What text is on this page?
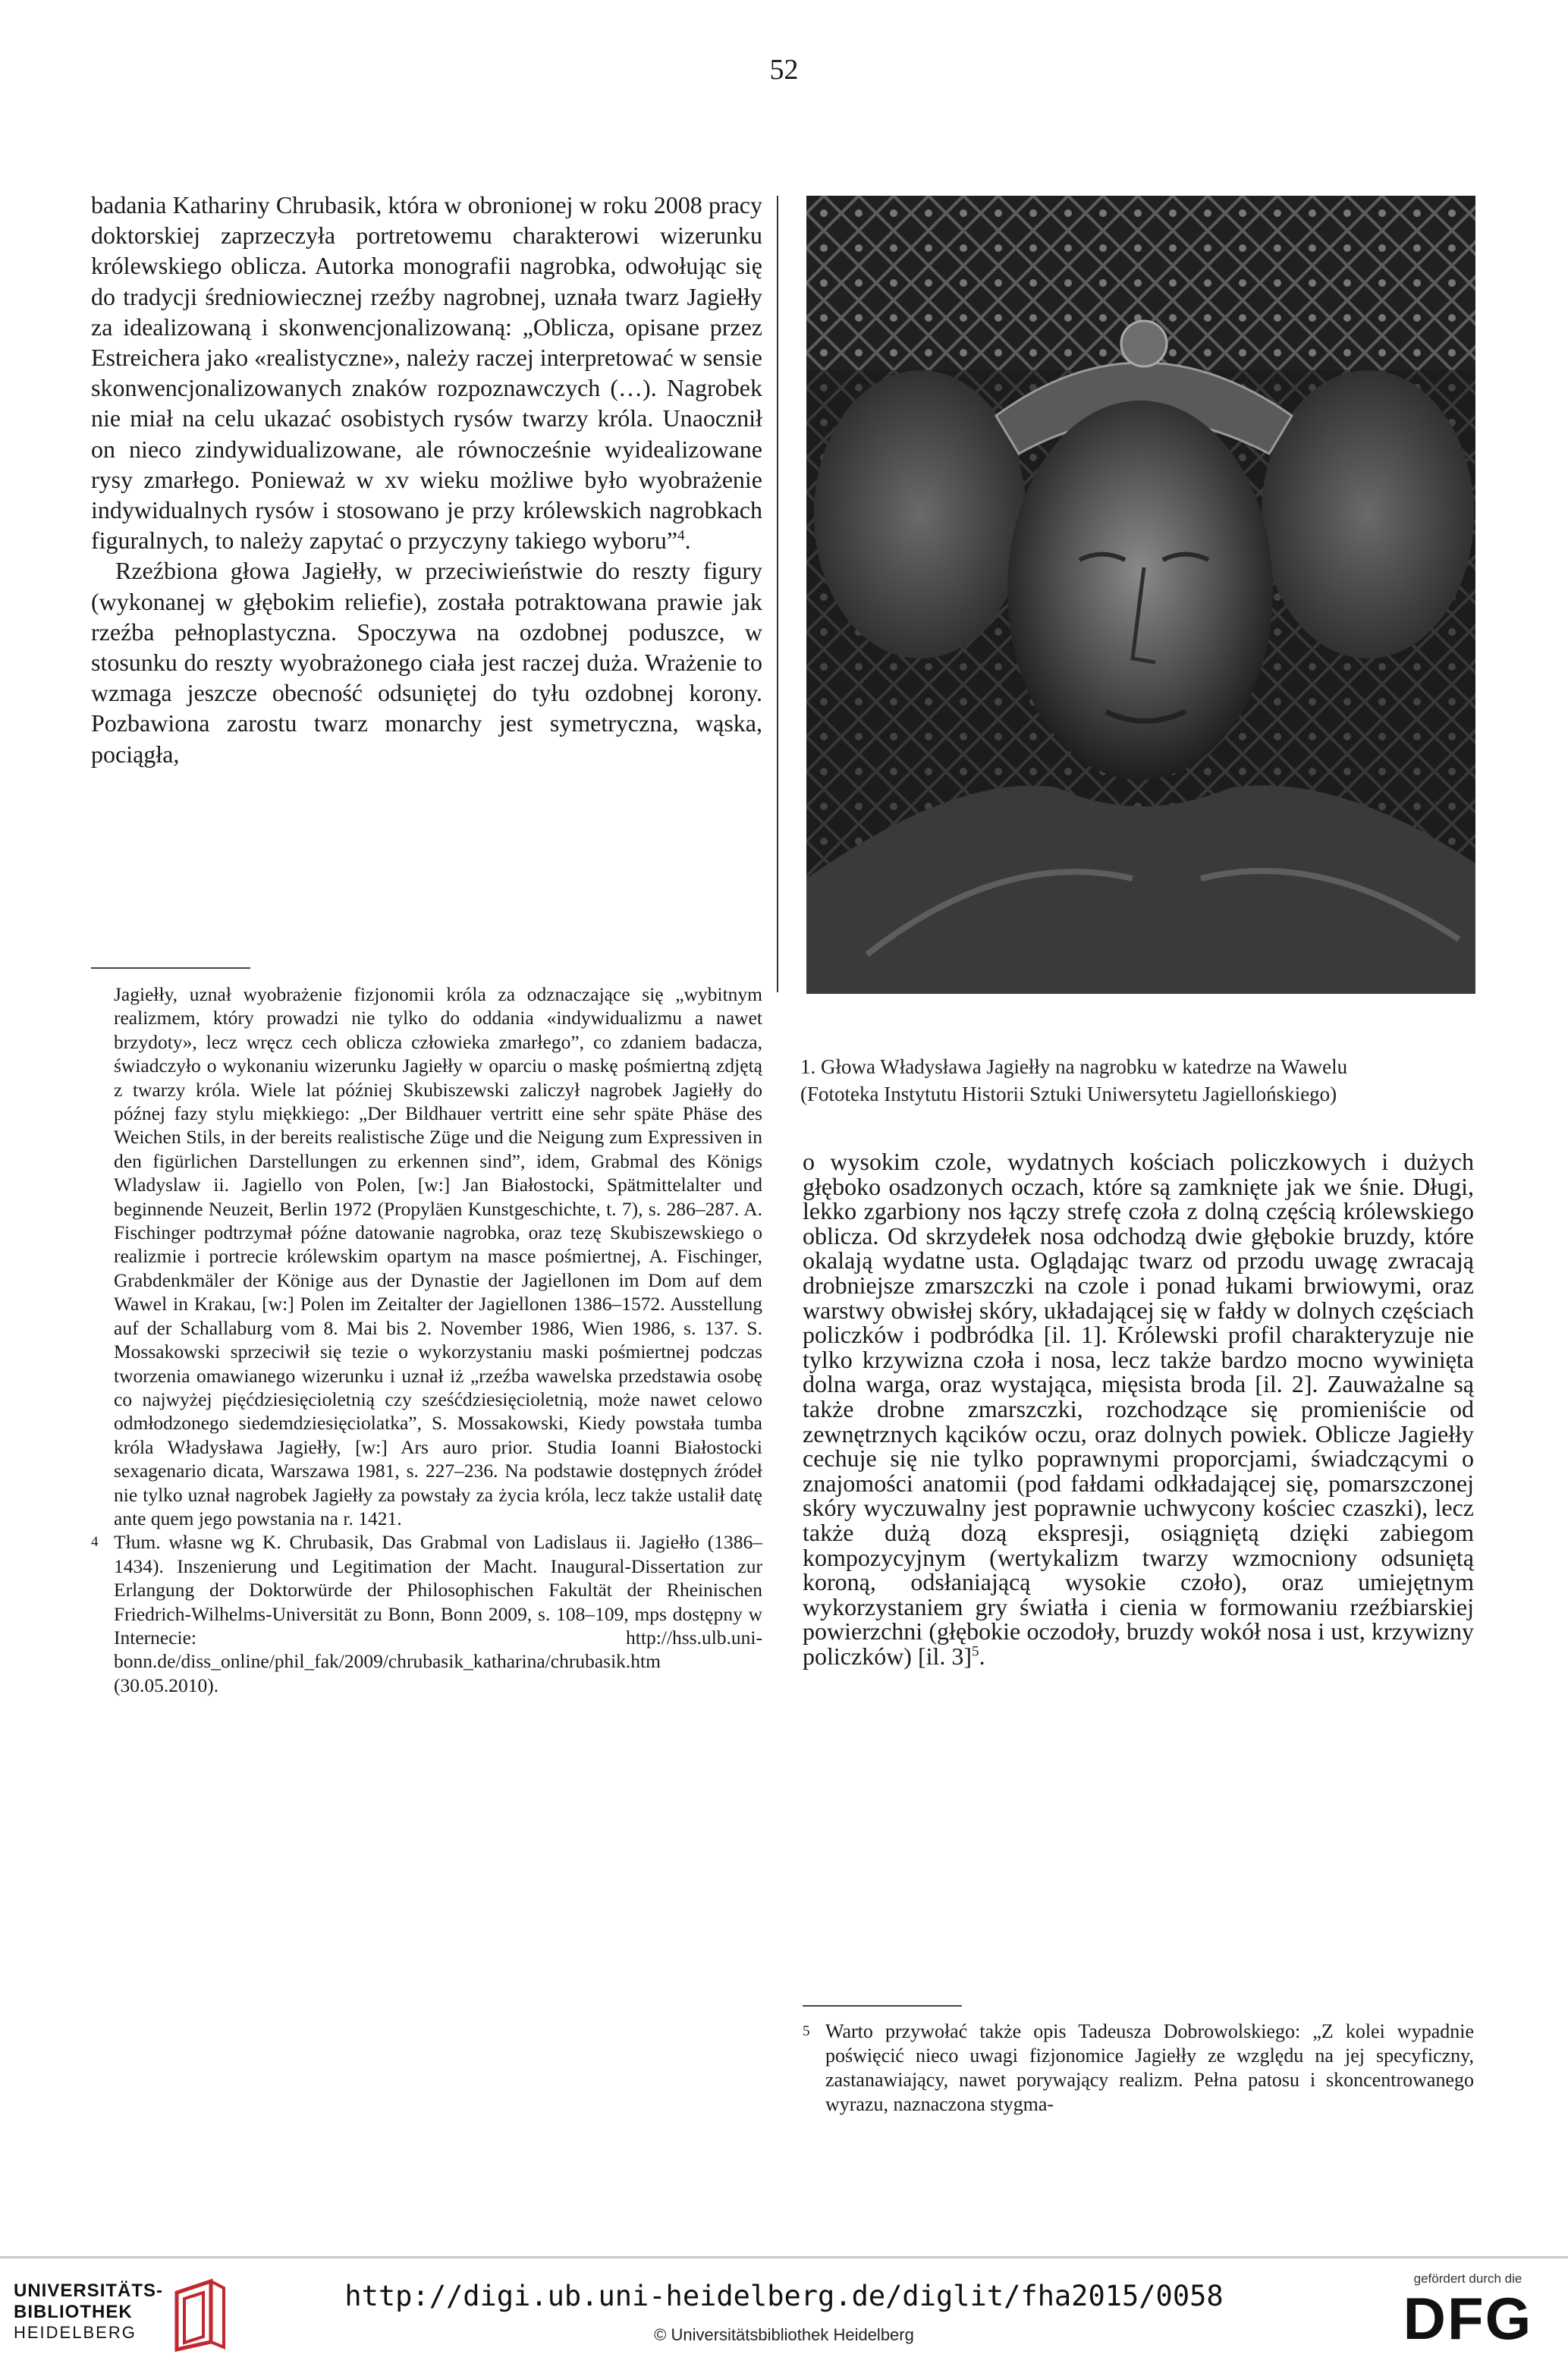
52

badania Kathariny Chrubasik, która w obronionej w roku 2008 pracy doktorskiej zaprzeczyła portretowemu charakterowi wizerunku królewskiego oblicza. Autorka monografii nagrobka, odwołując się do tradycji średniowiecznej rzeźby nagrobnej, uznała twarz Jagiełły za idealizowaną i skonwencjonalizowaną: „Oblicza, opisane przez Estreichera jako «realistyczne», należy raczej interpretować w sensie skonwencjonalizowanych znaków rozpoznawczych (…). Nagrobek nie miał na celu ukazać osobistych rysów twarzy króla. Unaocznił on nieco zindywidualizowane, ale równocześnie wyidealizowane rysy zmarłego. Ponieważ w xv wieku możliwe było wyobrażenie indywidualnych rysów i stosowano je przy królewskich nagrobkach figuralnych, to należy zapytać o przyczyny takiego wyboru”$^4$.

Rzeźbiona głowa Jagiełły, w przeciwieństwie do reszty figury (wykonanej w głębokim reliefie), została potraktowana prawie jak rzeźba pełnoplastyczna. Spoczywa na ozdobnej poduszce, w stosunku do reszty wyobrażonego ciała jest raczej duża. Wrażenie to wzmaga jeszcze obecność odsuniętej do tyłu ozdobnej korony. Pozbawiona zarostu twarz monarchy jest symetryczna, wąska, pociągła,

Jagiełły, uznał wyobrażenie fizjonomii króla za odznaczające się „wybitnym realizmem, który prowadzi nie tylko do oddania «indywidualizmu a nawet brzydoty», lecz wręcz cech oblicza człowieka zmarłego”, co zdaniem badacza, świadczyło o wykonaniu wizerunku Jagiełły w oparciu o maskę pośmiertną zdjętą z twarzy króla. Wiele lat później Skubiszewski zaliczył nagrobek Jagiełły do późnej fazy stylu miękkiego: „Der Bildhauer vertritt eine sehr späte Phäse des Weichen Stils, in der bereits realistische Züge und die Neigung zum Expressiven in den figürlichen Darstellungen zu erkennen sind”, idem, Grabmal des Königs Wladyslaw ii. Jagiello von Polen, [w:] Jan Białostocki, Spätmittelalter und beginnende Neuzeit, Berlin 1972 (Propyläen Kunstgeschichte, t. 7), s. 286–287. A. Fischinger podtrzymał późne datowanie nagrobka, oraz tezę Skubiszewskiego o realizmie i portrecie królewskim opartym na masce pośmiertnej, A. Fischinger, Grabdenkmäler der Könige aus der Dynastie der Jagiellonen im Dom auf dem Wawel in Krakau, [w:] Polen im Zeitalter der Jagiellonen 1386–1572. Ausstellung auf der Schallaburg vom 8. Mai bis 2. November 1986, Wien 1986, s. 137. S. Mossakowski sprzeciwił się tezie o wykorzystaniu maski pośmiertnej podczas tworzenia omawianego wizerunku i uznał iż „rzeźba wawelska przedstawia osobę co najwyżej pięćdziesięcioletnią czy sześćdziesięcioletnią, może nawet celowo odmłodzonego siedemdziesięciolatka”, S. Mossakowski, Kiedy powstała tumba króla Władysława Jagiełły, [w:] Ars auro prior. Studia Ioanni Białostocki sexagenario dicata, Warszawa 1981, s. 227–236. Na podstawie dostępnych źródeł nie tylko uznał nagrobek Jagiełły za powstały za życia króla, lecz także ustalił datę ante quem jego powstania na r. 1421.

4 Tłum. własne wg K. Chrubasik, Das Grabmal von Ladislaus ii. Jagiełło (1386–1434). Inszenierung und Legitimation der Macht. Inaugural-Dissertation zur Erlangung der Doktorwürde der Philosophischen Fakultät der Rheinischen Friedrich-Wilhelms-Universität zu Bonn, Bonn 2009, s. 108–109, mps dostępny w Internecie: http://hss.ulb.uni-bonn.de/diss_online/phil_fak/2009/chrubasik_katharina/chrubasik.htm (30.05.2010).

1. Głowa Władysława Jagiełły na nagrobku w katedrze na Wawelu
(Fototeka Instytutu Historii Sztuki Uniwersytetu Jagiellońskiego)

o wysokim czole, wydatnych kościach policzkowych i dużych głęboko osadzonych oczach, które są zamknięte jak we śnie. Długi, lekko zgarbiony nos łączy strefę czoła z dolną częścią królewskiego oblicza. Od skrzydełek nosa odchodzą dwie głębokie bruzdy, które okalają wydatne usta. Oglądając twarz od przodu uwagę zwracają drobniejsze zmarszczki na czole i ponad łukami brwiowymi, oraz warstwy obwisłej skóry, układającej się w fałdy w dolnych częściach policzków i podbródka [il. 1]. Królewski profil charakteryzuje nie tylko krzywizna czoła i nosa, lecz także bardzo mocno wywinięta dolna warga, oraz wystająca, mięsista broda [il. 2]. Zauważalne są także drobne zmarszczki, rozchodzące się promieniście od zewnętrznych kącików oczu, oraz dolnych powiek. Oblicze Jagiełły cechuje się nie tylko poprawnymi proporcjami, świadczącymi o znajomości anatomii (pod fałdami odkładającej się, pomarszczonej skóry wyczuwalny jest poprawnie uchwycony kościec czaszki), lecz także dużą dozą ekspresji, osiągniętą dzięki zabiegom kompozycyjnym (wertykalizm twarzy wzmocniony odsuniętą koroną, odsłaniającą wysokie czoło), oraz umiejętnym wykorzystaniem gry światła i cienia w formowaniu rzeźbiarskiej powierzchni (głębokie oczodoły, bruzdy wokół nosa i ust, krzywizny policzków) [il. 3]$^5$.

5 Warto przywołać także opis Tadeusza Dobrowolskiego: „Z kolei wypadnie poświęcić nieco uwagi fizjonomice Jagiełły ze względu na jej specyficzny, zastanawiający, nawet porywający realizm. Pełna patosu i skoncentrowanego wyrazu, naznaczona stygma-

UNIVERSITÄTS-
BIBLIOTHEK
HEIDELBERG
http://digi.ub.uni-heidelberg.de/diglit/fha2015/0058
© Universitätsbibliothek Heidelberg
gefördert durch die
DFG
